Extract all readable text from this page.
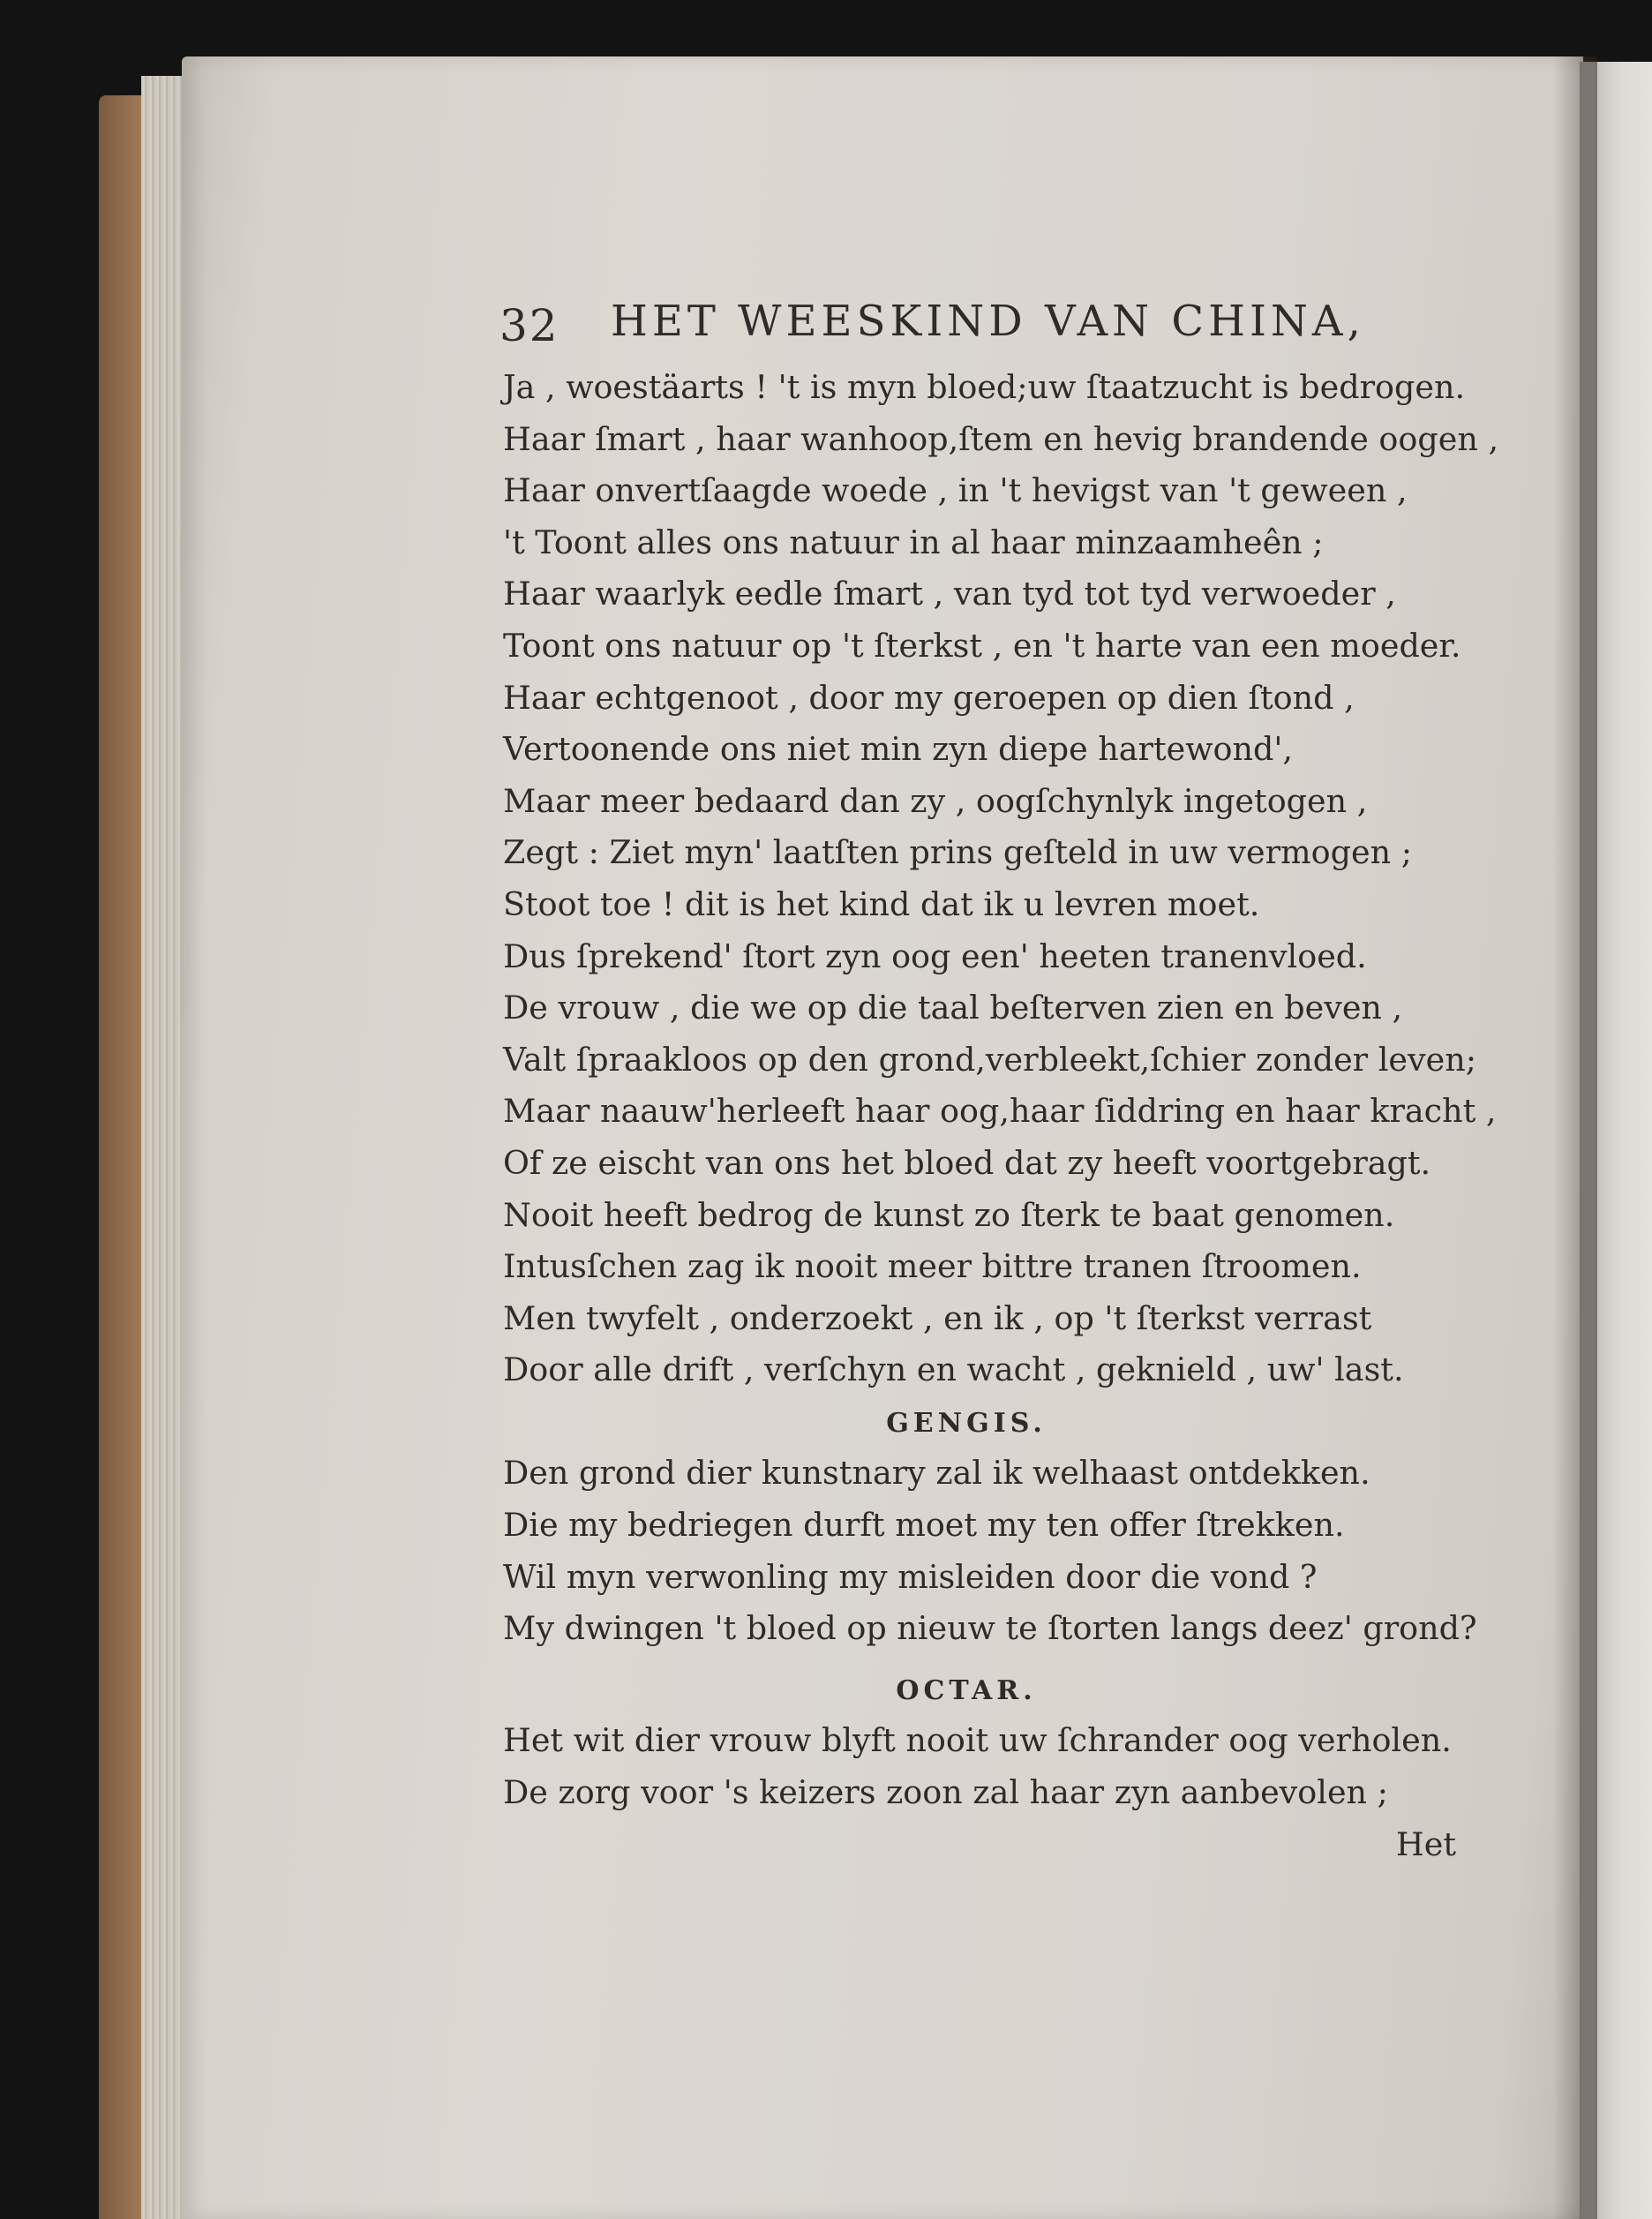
32 HET WEESKIND VAN CHINA,
Ja , woestäarts ! 't is myn bloed;uw ſtaatzucht is bedrogen.
Haar ſmart , haar wanhoop,ſtem en hevig brandende oogen ,
Haar onvertſaagde woede , in 't hevigst van 't geween ,
't Toont alles ons natuur in al haar minzaamheên ;
Haar waarlyk eedle ſmart , van tyd tot tyd verwoeder ,
Toont ons natuur op 't ſterkst , en 't harte van een moeder.
Haar echtgenoot , door my geroepen op dien ſtond ,
Vertoonende ons niet min zyn diepe hartewond',
Maar meer bedaard dan zy , oogſchynlyk ingetogen ,
Zegt : Ziet myn' laatſten prins geſteld in uw vermogen ;
Stoot toe ! dit is het kind dat ik u levren moet.
Dus ſprekend' ſtort zyn oog een' heeten tranenvloed.
De vrouw , die we op die taal beſterven zien en beven ,
Valt ſpraakloos op den grond,verbleekt,ſchier zonder leven;
Maar naauw'herleeft haar oog,haar ſiddring en haar kracht ,
Of ze eischt van ons het bloed dat zy heeft voortgebragt.
Nooit heeft bedrog de kunst zo ſterk te baat genomen.
Intusſchen zag ik nooit meer bittre tranen ſtroomen.
Men twyfelt , onderzoekt , en ik , op 't ſterkst verrast
Door alle drift , verſchyn en wacht , geknield , uw' last.
GENGIS.
Den grond dier kunstnary zal ik welhaast ontdekken.
Die my bedriegen durft moet my ten offer ſtrekken.
Wil myn verwonling my misleiden door die vond ?
My dwingen 't bloed op nieuw te ſtorten langs deez' grond?
OCTAR.
Het wit dier vrouw blyft nooit uw ſchrander oog verholen.
De zorg voor 's keizers zoon zal haar zyn aanbevolen ;
Het
